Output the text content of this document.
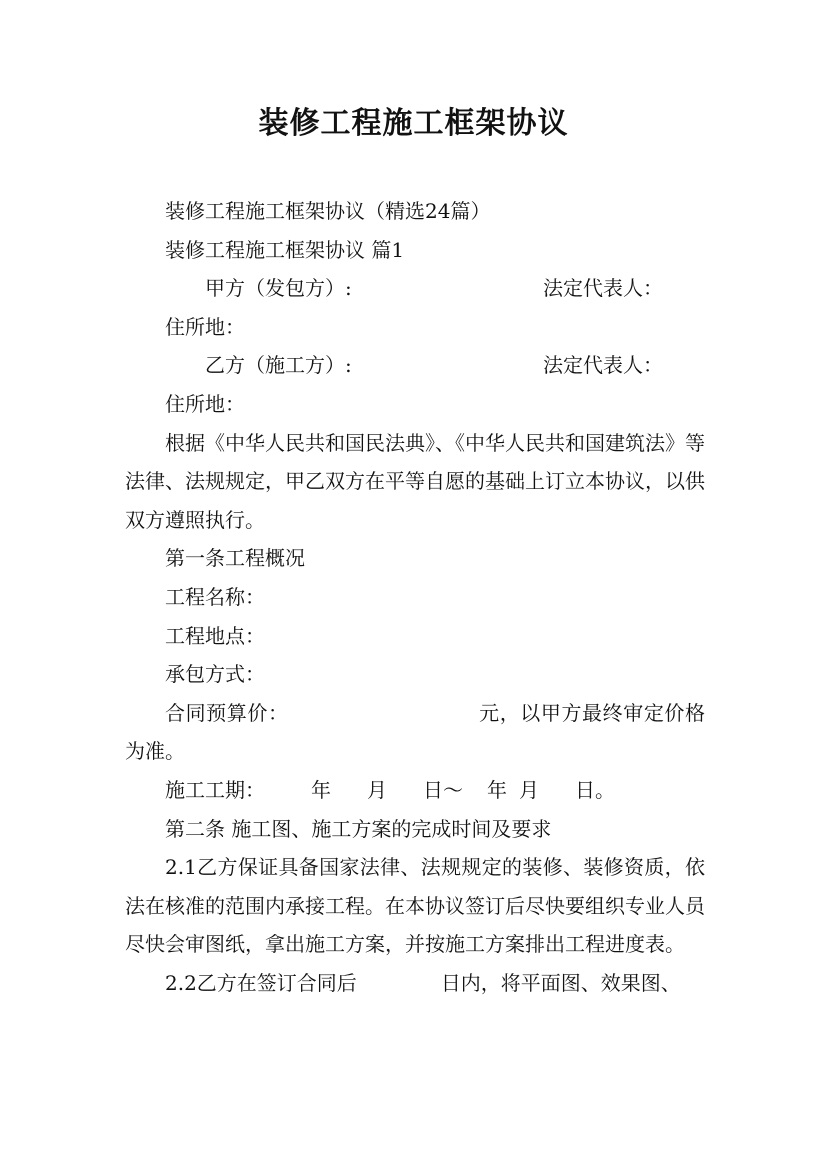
装修工程施工框架协议

装修工程施工框架协议（精选24篇）

装修工程施工框架协议 篇1

甲方（发包方）:	法定代表人：

住所地：

乙方（施工方）:	法定代表人：

住所地：

根据《中华人民共和国民法典》、《中华人民共和国建筑法》等法律、法规规定，甲乙双方在平等自愿的基础上订立本协议，以供双方遵照执行。

第一条工程概况

工程名称：

工程地点：

承包方式：

合同预算价：	元，以甲方最终审定价格为准。

施工工期： 年 月 日～ 年 月 日。

第二条 施工图、施工方案的完成时间及要求

2.1乙方保证具备国家法律、法规规定的装修、装修资质，依法在核准的范围内承接工程。在本协议签订后尽快要组织专业人员尽快会审图纸，拿出施工方案，并按施工方案排出工程进度表。

2.2乙方在签订合同后	日内，将平面图、效果图、
